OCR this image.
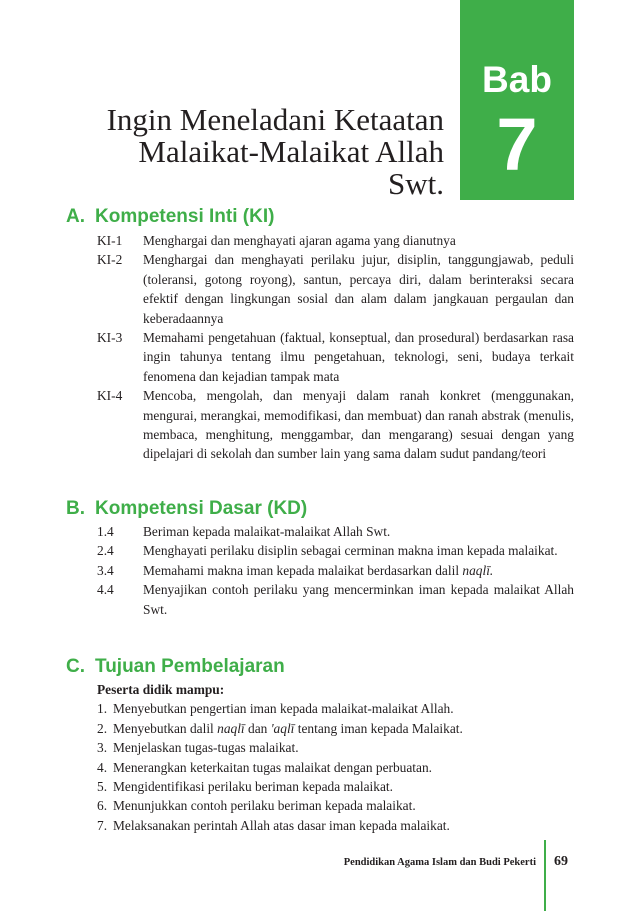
Bab
7
Ingin Meneladani Ketaatan
Malaikat-Malaikat Allah
Swt.
A. Kompetensi Inti (KI)
KI-1 Menghargai dan menghayati ajaran agama yang dianutnya
KI-2 Menghargai dan menghayati perilaku jujur, disiplin, tanggungjawab, peduli (toleransi, gotong royong), santun, percaya diri, dalam berinteraksi secara efektif dengan lingkungan sosial dan alam dalam jangkauan pergaulan dan keberadaannya
KI-3 Memahami pengetahuan (faktual, konseptual, dan prosedural) berdasarkan rasa ingin tahunya tentang ilmu pengetahuan, teknologi, seni, budaya terkait fenomena dan kejadian tampak mata
KI-4 Mencoba, mengolah, dan menyaji dalam ranah konkret (menggunakan, mengurai, merangkai, memodifikasi, dan membuat) dan ranah abstrak (menulis, membaca, menghitung, menggambar, dan mengarang) sesuai dengan yang dipelajari di sekolah dan sumber lain yang sama dalam sudut pandang/teori
B. Kompetensi Dasar (KD)
1.4 Beriman kepada malaikat-malaikat Allah Swt.
2.4 Menghayati perilaku disiplin sebagai cerminan makna iman kepada malaikat.
3.4 Memahami makna iman kepada malaikat berdasarkan dalil naqlī.
4.4 Menyajikan contoh perilaku yang mencerminkan iman kepada malaikat Allah Swt.
C. Tujuan Pembelajaran
Peserta didik mampu:
1. Menyebutkan pengertian iman kepada malaikat-malaikat Allah.
2. Menyebutkan dalil naqlī dan 'aqlī tentang iman kepada Malaikat.
3. Menjelaskan tugas-tugas malaikat.
4. Menerangkan keterkaitan tugas malaikat dengan perbuatan.
5. Mengidentifikasi perilaku beriman kepada malaikat.
6. Menunjukkan contoh perilaku beriman kepada malaikat.
7. Melaksanakan perintah Allah atas dasar iman kepada malaikat.
Pendidikan Agama Islam dan Budi Pekerti 69
